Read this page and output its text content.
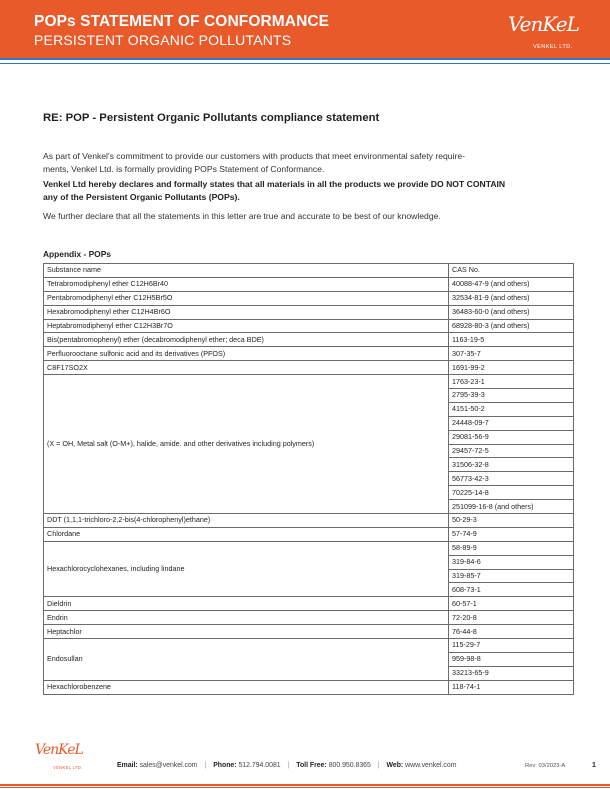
POPs STATEMENT OF CONFORMANCE
PERSISTENT ORGANIC POLLUTANTS
VenKeL
VENKEL LTD.
RE: POP - Persistent Organic Pollutants compliance statement
As part of Venkel's commitment to provide our customers with products that meet environmental safety require-
ments, Venkel Ltd. is formally providing POPs Statement of Conformance.
Venkel Ltd hereby declares and formally states that all materials in all the products we provide DO NOT CONTAIN
any of the Persistent Organic Pollutants (POPs).
We further declare that all the statements in this letter are true and accurate to be best of our knowledge.
Appendix - POPs
Substance name	CAS No.
Tetrabromodiphenyl ether C12H6Br40	40088-47-9 (and others)
Pentabromodiphenyl ether C12H5Br5O	32534-81-9 (and others)
Hexabromodiphenyl ether C12H4Br6O	36483-60-0 (and others)
Heptabromodiphenyl ether C12H3Br7O	68928-80-3 (and others)
Bis(pentabromophenyl) ether (decabromodiphenyl ether; deca BDE)	1163-19-5
Perfluorooctane sulfonic acid and its derivatives (PFOS)	307-35-7
C8F17SO2X	1691-99-2
(X = OH, Metal salt (O-M+), halide, amide. and other derivatives including polymers)	1763-23-1
	2795-39-3
	4151-50-2
	24448-09-7
	29081-56-9
	29457-72-5
	31506-32-8
	56773-42-3
	70225-14-8
	251099-16-8 (and others)
DDT (1,1,1-trichloro-2,2-bis(4-chlorophenyl)ethane)	50-29-3
Chlordane	57-74-9
Hexachlorocyclohexanes, including lindane	58-89-9
	319-84-6
	319-85-7
	608-73-1
Dieldrin	60-57-1
Endrin	72-20-8
Heptachlor	76-44-8
Endosullan	115-29-7
	959-98-8
	33213-65-9
Hexachlorobenzene	118-74-1
VenKeL
VENKEL LTD.	Email: sales@venkel.com | Phone: 512.794.0081 | Toll Free: 800.950.8365 | Web: www.venkel.com	Rev: 03/2023-A	1
